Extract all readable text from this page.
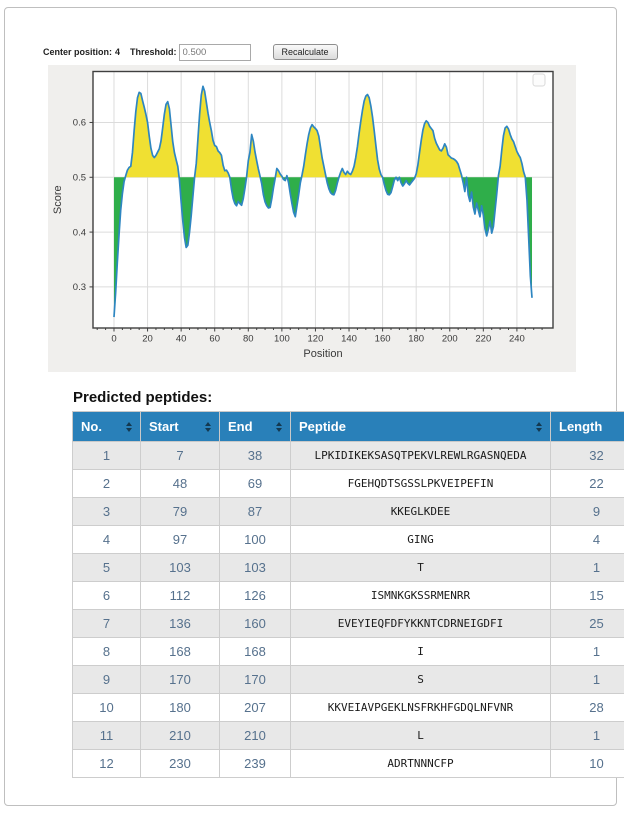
Center position: 4 Threshold:
0.500	Recalculate
0	20 40 60 80 100 120 140 160 180 200 220 240
0.3
0.4
0.5
0.6
Position
Score
Predicted peptides:
No.	Start	End	Peptide	Length

1	7	38	LPKIDIKEKSASQTPEKVLREWLRGASNQEDA	32
2	48	69	FGEHQDTSGSSLPKVEIPEFIN	22
3	79	87	KKEGLKDEE	9
4	97	100	GING	4
5	103	103	T	1
6	112	126	ISMNKGKSSRMENRR	15
7	136	160	EVEYIEQFDFYKKNTCDRNEIGDFI	25
8	168	168	I	1
9	170	170	S	1
10	180	207	KKVEIAVPGEKLNSFRKHFGDQLNFVNR	28
11	210	210	L	1
12	230	239	ADRTNNNCFP	10
